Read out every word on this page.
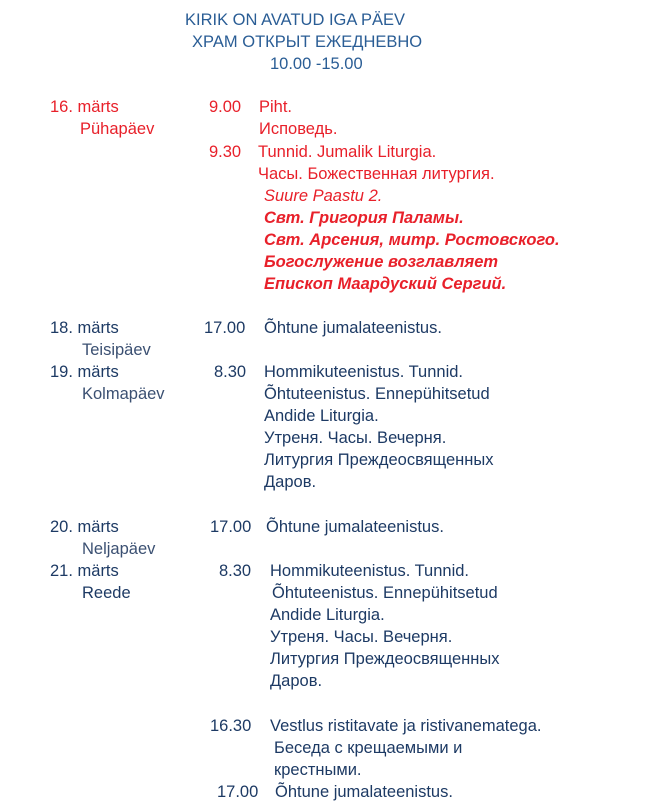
KIRIK ON AVATUD IGA PÄEV
ХРАМ ОТКРЫТ ЕЖЕДНЕВНО
10.00 -15.00
16. märts
Pühapäev
9.00 Piht.
Исповедь.
9.30 Tunnid. Jumalik Liturgia.
Часы. Божественная литургия.
Suure Paastu 2.
Свт. Григория Паламы.
Свт. Арсения, митр. Ростовского.
Богослужение возглавляет
Епископ Маардуский Сергий.
18. märts
Teisipäev
17.00 Õhtune jumalateenistus.
19. märts
Kolmapäev
8.30 Hommikuteenistus. Tunnid.
Õhtuteenistus. Ennepühitsetud
Andide Liturgia.
Утреня. Часы. Вечерня.
Литургия Преждеосвященных
Даров.
20. märts
Neljapäev
17.00 Õhtune jumalateenistus.
21. märts
Reede
8.30 Hommikuteenistus. Tunnid.
Õhtuteenistus. Ennepühitsetud
Andide Liturgia.
Утреня. Часы. Вечерня.
Литургия Преждеосвященных
Даров.
16.30 Vestlus ristitavate ja ristivanematega.
Беседа с крещаемыми и
крестными.
17.00 Õhtune jumalateenistus.
